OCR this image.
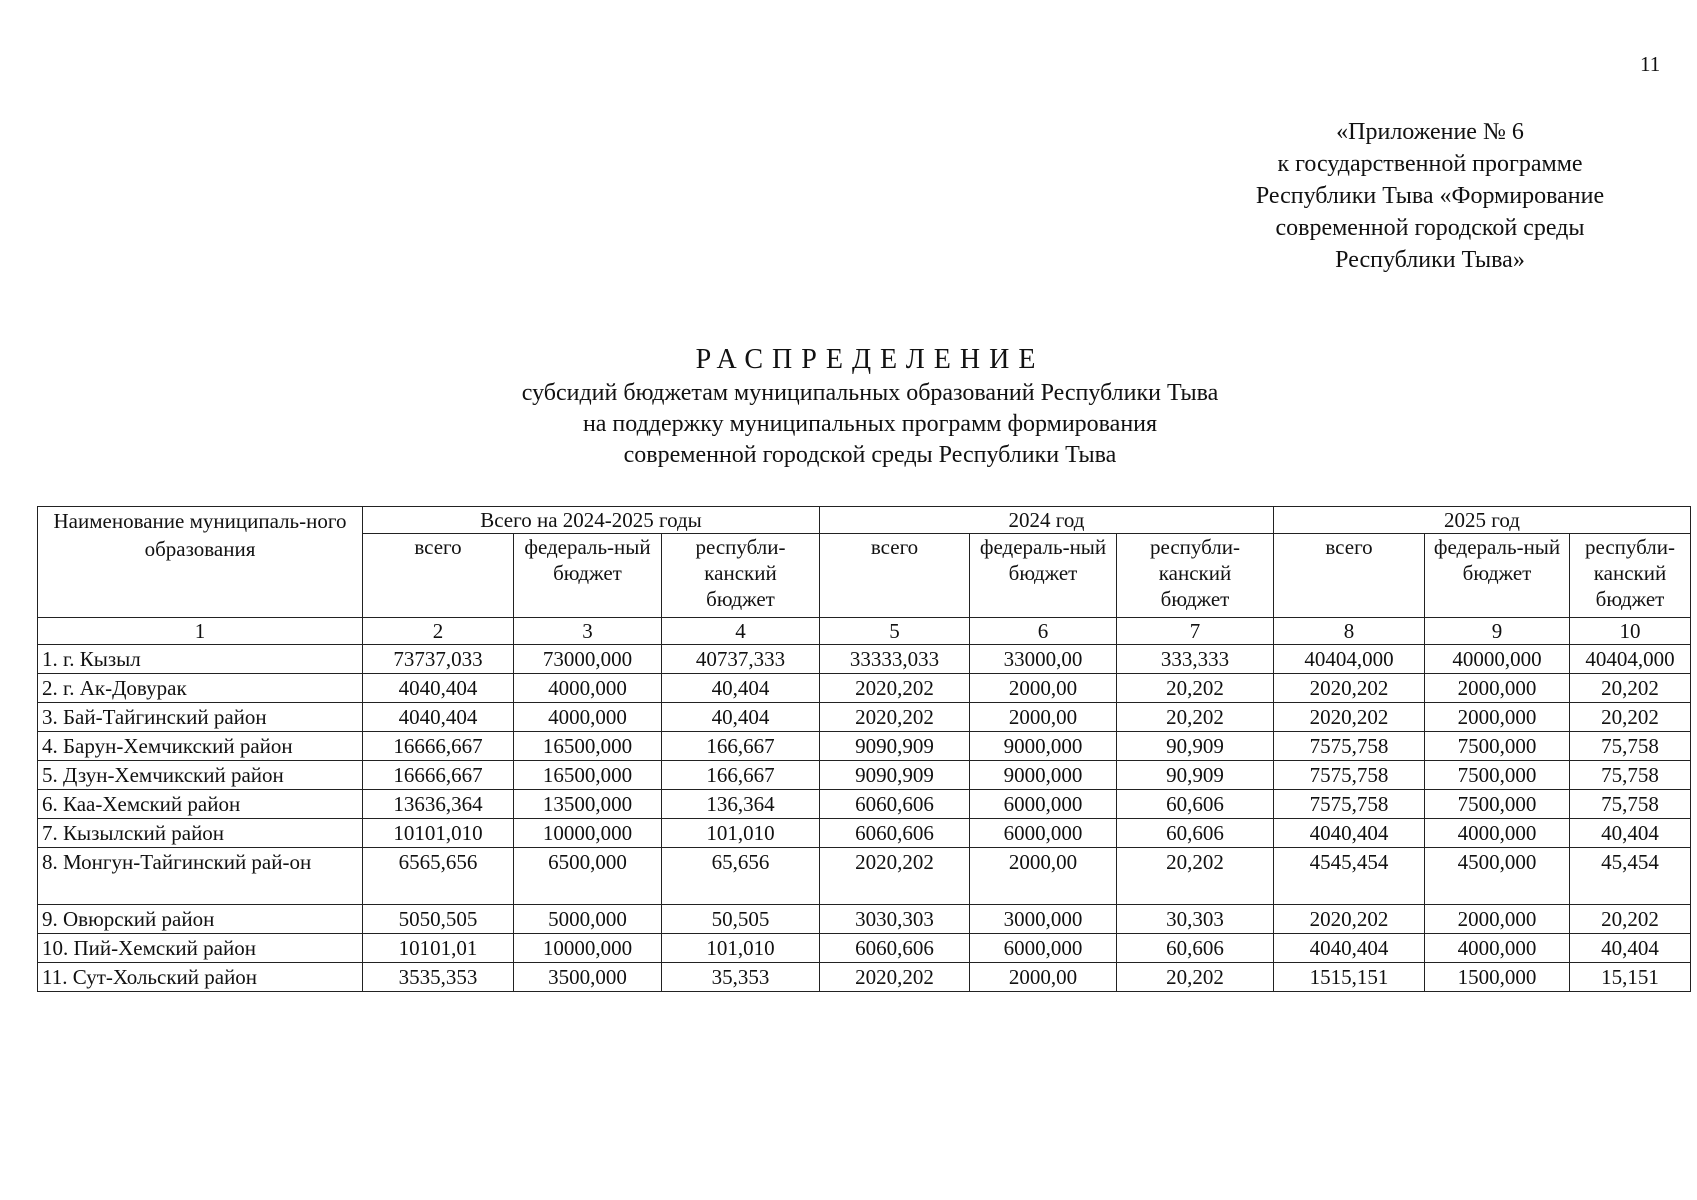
11
«Приложение № 6
к государственной программе
Республики Тыва «Формирование
современной городской среды
Республики Тыва»
РАСПРЕДЕЛЕНИЕ
субсидий бюджетам муниципальных образований Республики Тыва
на поддержку муниципальных программ формирования
современной городской среды Республики Тыва
Наименование муниципаль-ного образования	Всего на 2024-2025 годы			2024 год			2025 год		
	всего	федераль-ный бюджет	республи-канский бюджет	всего	федераль-ный бюджет	республи-канский бюджет	всего	федераль-ный бюджет	республи-канский бюджет
1	2	3	4	5	6	7	8	9	10
1. г. Кызыл	73737,033	73000,000	40737,333	33333,033	33000,00	333,333	40404,000	40000,000	40404,000
2. г. Ак-Довурак	4040,404	4000,000	40,404	2020,202	2000,00	20,202	2020,202	2000,000	20,202
3. Бай-Тайгинский район	4040,404	4000,000	40,404	2020,202	2000,00	20,202	2020,202	2000,000	20,202
4. Барун-Хемчикский район	16666,667	16500,000	166,667	9090,909	9000,000	90,909	7575,758	7500,000	75,758
5. Дзун-Хемчикский район	16666,667	16500,000	166,667	9090,909	9000,000	90,909	7575,758	7500,000	75,758
6. Каа-Хемский район	13636,364	13500,000	136,364	6060,606	6000,000	60,606	7575,758	7500,000	75,758
7. Кызылский район	10101,010	10000,000	101,010	6060,606	6000,000	60,606	4040,404	4000,000	40,404
8. Монгун-Тайгинский рай-он	6565,656	6500,000	65,656	2020,202	2000,00	20,202	4545,454	4500,000	45,454
9. Овюрский район	5050,505	5000,000	50,505	3030,303	3000,000	30,303	2020,202	2000,000	20,202
10. Пий-Хемский район	10101,01	10000,000	101,010	6060,606	6000,000	60,606	4040,404	4000,000	40,404
11. Сут-Хольский район	3535,353	3500,000	35,353	2020,202	2000,00	20,202	1515,151	1500,000	15,151
